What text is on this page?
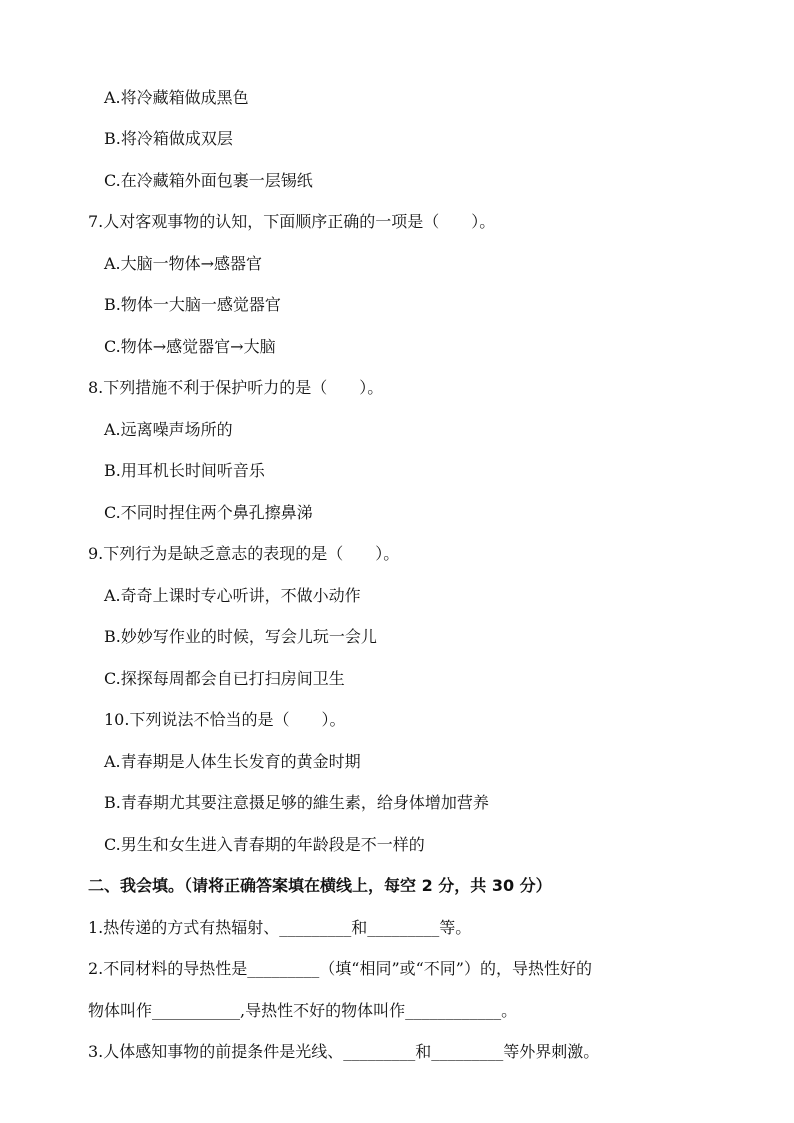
A.将冷藏箱做成黑色
B.将冷箱做成双层
C.在冷藏箱外面包裹一层锡纸
7.人对客观事物的认知，下面顺序正确的一项是（　　）。
A.大脑一物体→感器官
B.物体一大脑一感觉器官
C.物体→感觉器官→大脑
8.下列措施不利于保护听力的是（　　）。
A.远离噪声场所的
B.用耳机长时间听音乐
C.不同时捏住两个鼻孔擦鼻涕
9.下列行为是缺乏意志的表现的是（　　）。
A.奇奇上课时专心听讲，不做小动作
B.妙妙写作业的时候，写会儿玩一会儿
C.探探每周都会自已打扫房间卫生
10.下列说法不恰当的是（　　）。
A.青春期是人体生长发育的黄金时期
B.青春期尤其要注意摄足够的維生素，给身体增加营养
C.男生和女生进入青春期的年龄段是不一样的
二、我会填。（请将正确答案填在横线上，每空 2 分，共 30 分）
1.热传递的方式有热辐射、_________和_________等。
2.不同材料的导热性是_________（填“相同”或“不同”）的，导热性好的
物体叫作___________,导热性不好的物体叫作____________。
3.人体感知事物的前提条件是光线、_________和_________等外界刺激。
